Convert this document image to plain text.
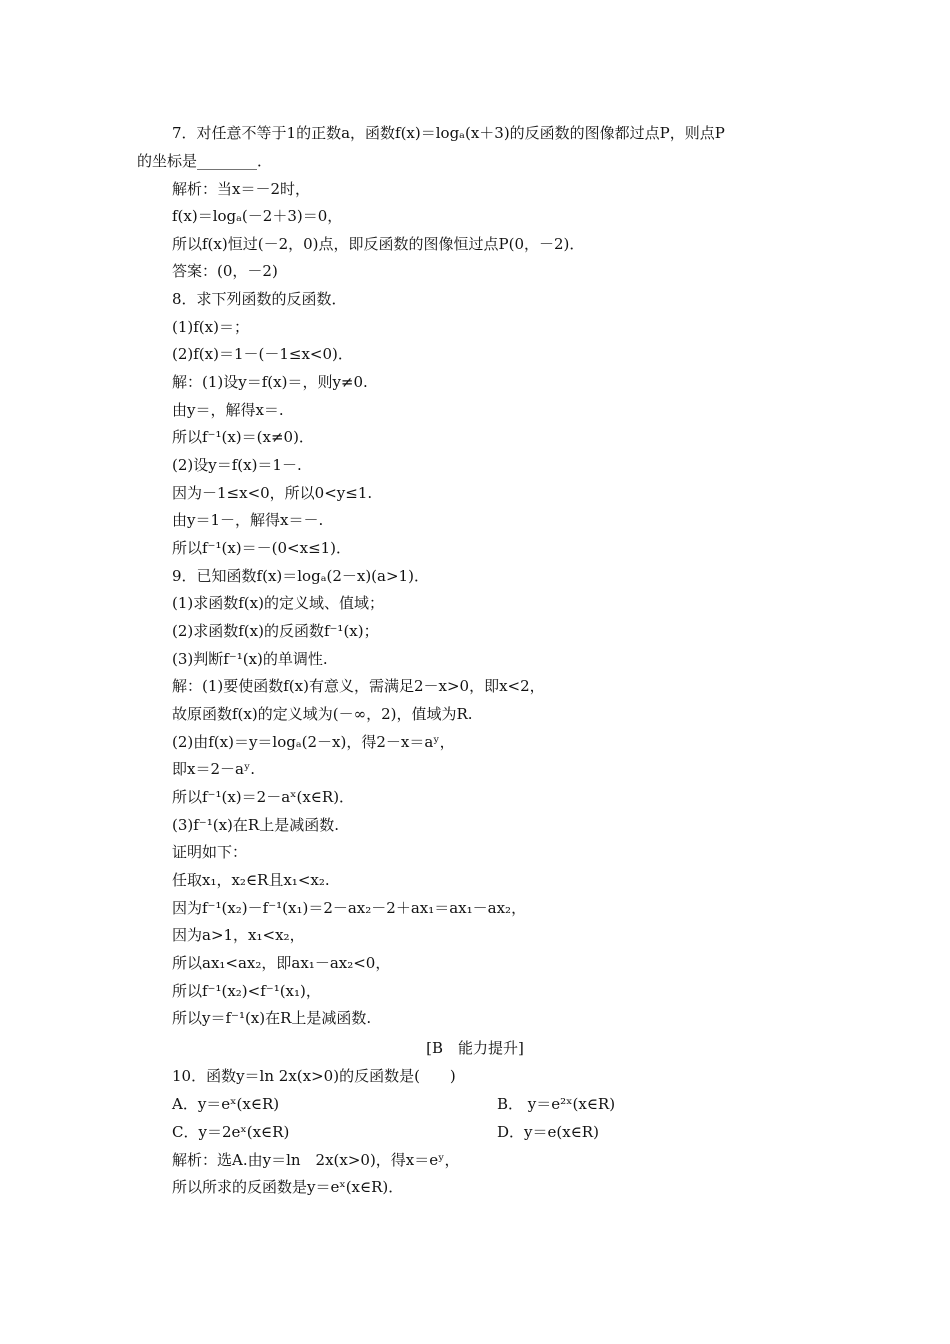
7．对任意不等于1的正数a，函数f(x)＝logₐ(x＋3)的反函数的图像都过点P，则点P
的坐标是________．
解析：当x＝－2时，
f(x)＝logₐ(－2＋3)＝0，
所以f(x)恒过(－2，0)点，即反函数的图像恒过点P(0，－2)．
答案：(0，－2)
8．求下列函数的反函数．
(1)f(x)＝；
(2)f(x)＝1－(－1≤x<0)．
解：(1)设y＝f(x)＝，则y≠0.
由y＝，解得x＝.
所以f⁻¹(x)＝(x≠0)．
(2)设y＝f(x)＝1－.
因为－1≤x<0，所以0<y≤1.
由y＝1－，解得x＝－.
所以f⁻¹(x)＝－(0<x≤1)．
9．已知函数f(x)＝logₐ(2－x)(a>1)．
(1)求函数f(x)的定义域、值域；
(2)求函数f(x)的反函数f⁻¹(x)；
(3)判断f⁻¹(x)的单调性.
解：(1)要使函数f(x)有意义，需满足2－x>0，即x<2，
故原函数f(x)的定义域为(－∞，2)，值域为R.
(2)由f(x)＝y＝logₐ(2－x)，得2－x＝aʸ，
即x＝2－aʸ.
所以f⁻¹(x)＝2－aˣ(x∈R)．
(3)f⁻¹(x)在R上是减函数.
证明如下：
任取x₁，x₂∈R且x₁<x₂.
因为f⁻¹(x₂)－f⁻¹(x₁)＝2－ax₂－2＋ax₁＝ax₁－ax₂，
因为a>1，x₁<x₂，
所以ax₁<ax₂，即ax₁－ax₂<0，
所以f⁻¹(x₂)<f⁻¹(x₁)，
所以y＝f⁻¹(x)在R上是减函数.
[B　能力提升]
10．函数y＝ln 2x(x>0)的反函数是(　　)
A．y＝eˣ(x∈R)	B． y＝e²ˣ(x∈R)
C．y＝2eˣ(x∈R)	D．y＝e(x∈R)
解析：选A.由y＝ln　2x(x>0)，得x＝eʸ，
所以所求的反函数是y＝eˣ(x∈R)．
